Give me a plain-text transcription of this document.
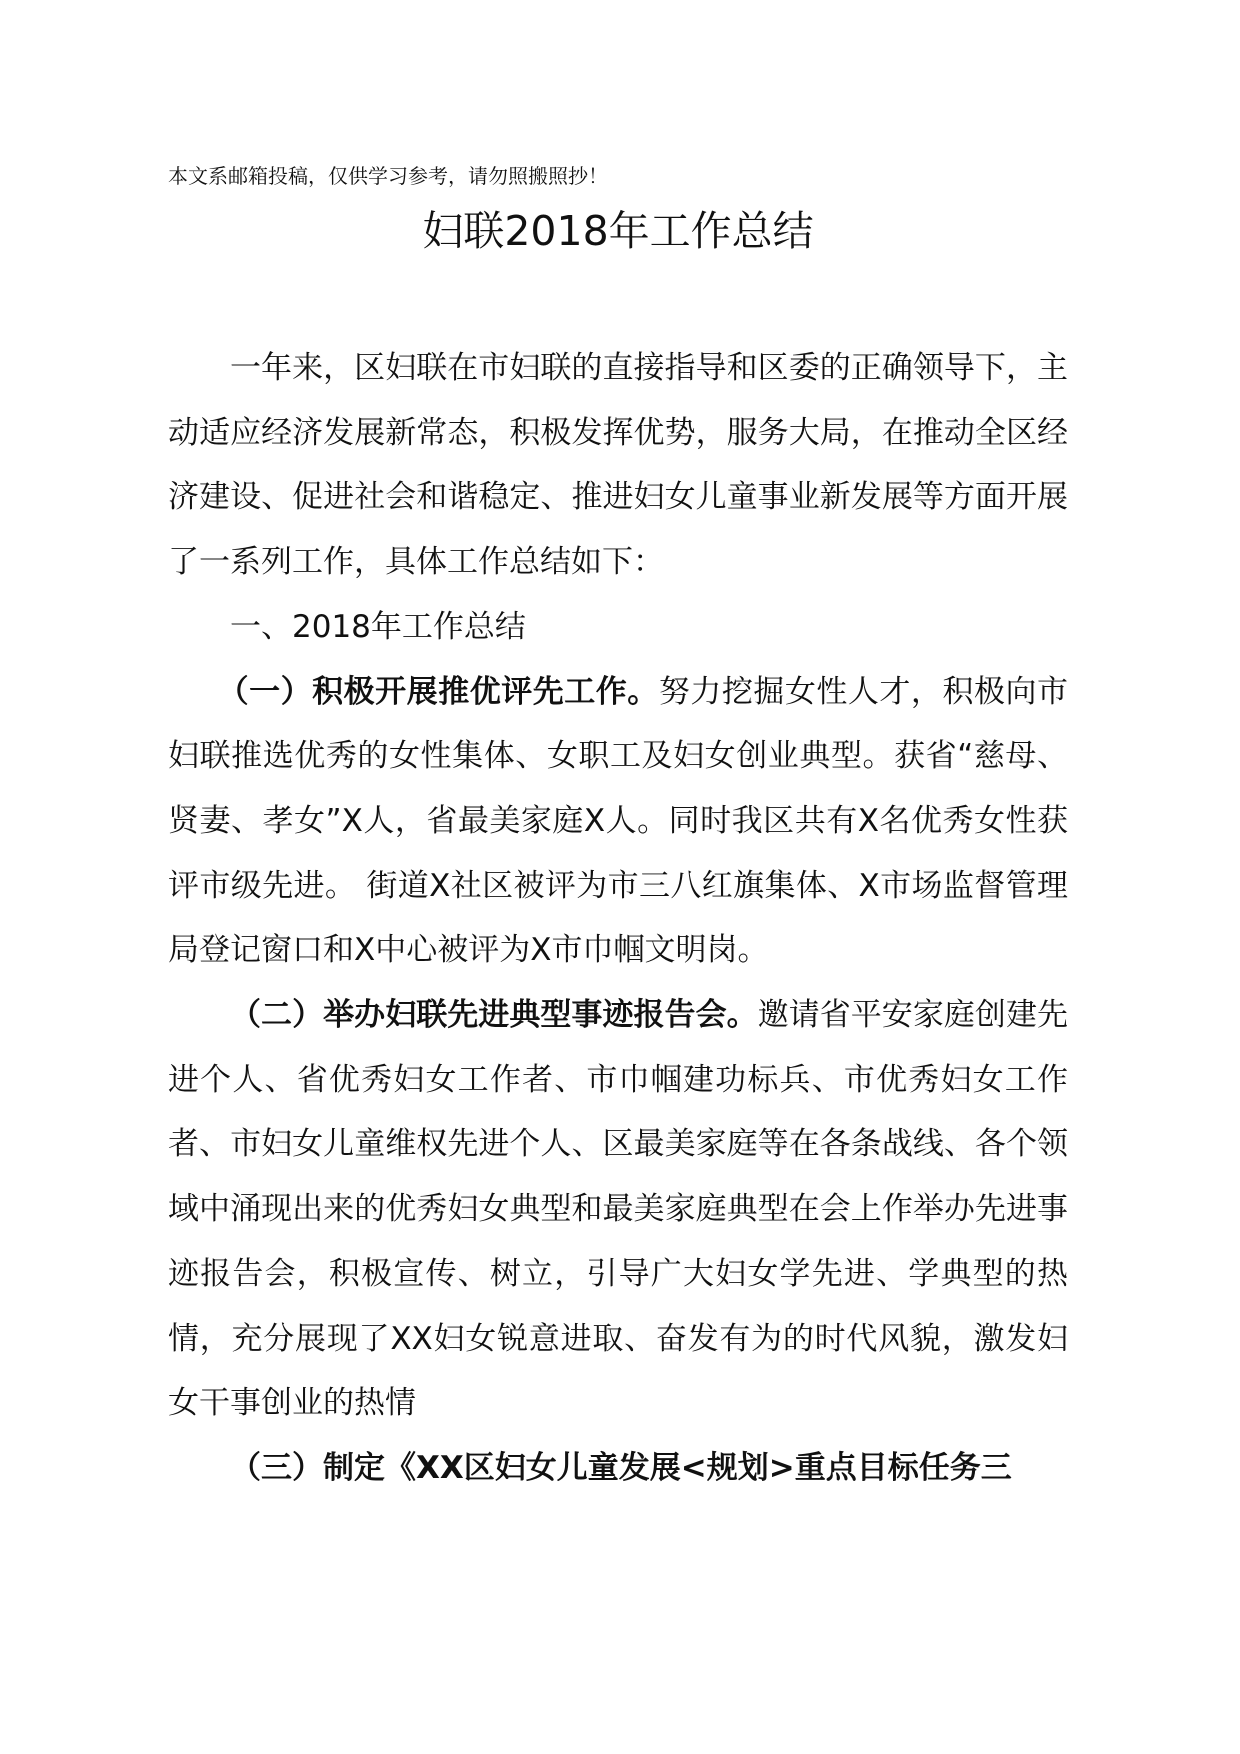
本文系邮箱投稿，仅供学习参考，请勿照搬照抄！

妇联2018年工作总结

一年来，区妇联在市妇联的直接指导和区委的正确领导下，主动适应经济发展新常态，积极发挥优势，服务大局，在推动全区经济建设、促进社会和谐稳定、推进妇女儿童事业新发展等方面开展了一系列工作，具体工作总结如下：

一、2018年工作总结

（一）积极开展推优评先工作。努力挖掘女性人才，积极向市妇联推选优秀的女性集体、女职工及妇女创业典型。获省“慈母、贤妻、孝女”X人，省最美家庭X人。同时我区共有X名优秀女性获评市级先进。 街道X社区被评为市三八红旗集体、X市场监督管理局登记窗口和X中心被评为X市巾帼文明岗。

（二）举办妇联先进典型事迹报告会。邀请省平安家庭创建先进个人、省优秀妇女工作者、市巾帼建功标兵、市优秀妇女工作者、市妇女儿童维权先进个人、区最美家庭等在各条战线、各个领域中涌现出来的优秀妇女典型和最美家庭典型在会上作举办先进事迹报告会，积极宣传、树立，引导广大妇女学先进、学典型的热情，充分展现了XX妇女锐意进取、奋发有为的时代风貌，激发妇女干事创业的热情

（三）制定《XX区妇女儿童发展<规划>重点目标任务三
